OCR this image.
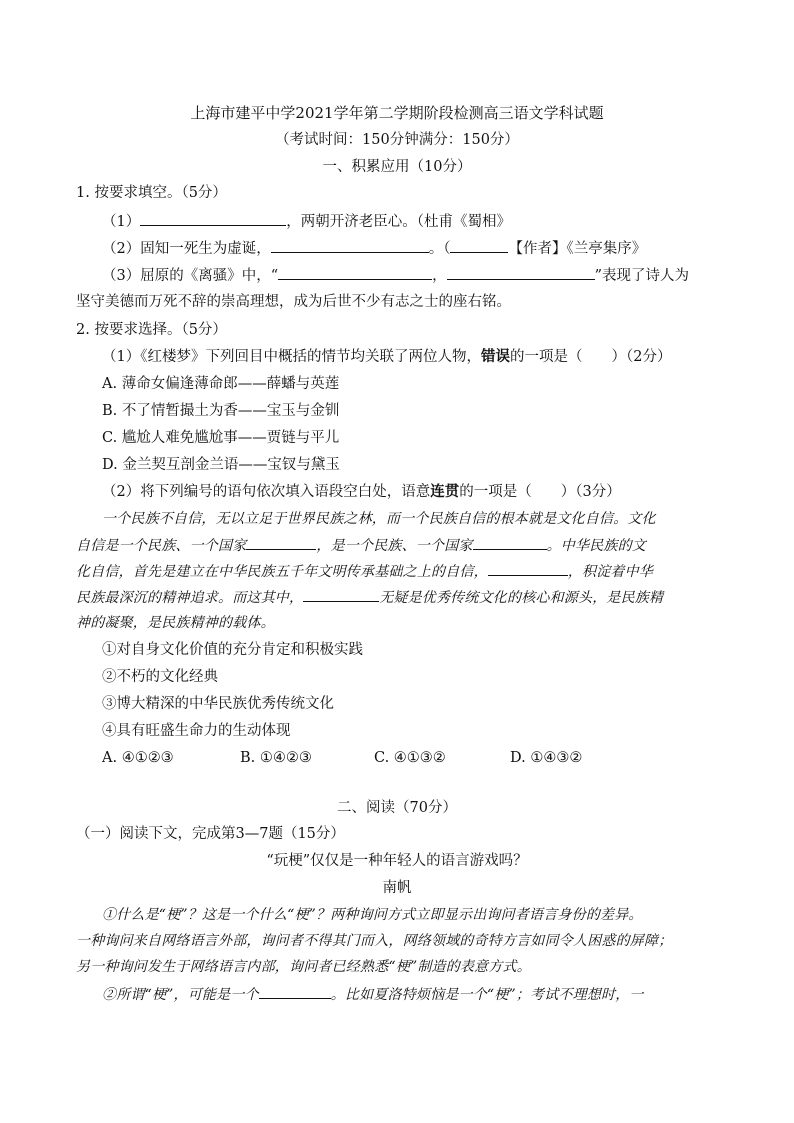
上海市建平中学2021学年第二学期阶段检测高三语文学科试题
（考试时间：150分钟满分：150分）
一、积累应用（10分）
1. 按要求填空。（5分）
（1）	，两朝开济老臣心。（杜甫《蜀相》
（2）固知一死生为虚诞，	。（	【作者】《兰亭集序》
（3）屈原的《离骚》中，“	，	”表现了诗人为
坚守美德而万死不辞的崇高理想，成为后世不少有志之士的座右铭。
2. 按要求选择。（5分）
（1）《红楼梦》下列回目中概括的情节均关联了两位人物，错误的一项是（　　）（2分）
A. 薄命女偏逢薄命郎——薛蟠与英莲
B. 不了情暂撮土为香——宝玉与金钏
C. 尴尬人难免尴尬事——贾链与平儿
D. 金兰契互剖金兰语——宝钗与黛玉
（2）将下列编号的语句依次填入语段空白处，语意连贯的一项是（　　）（3分）
一个民族不自信，无以立足于世界民族之林，而一个民族自信的根本就是文化自信。文化
自信是一个民族、一个国家	，是一个民族、一个国家	。中华民族的文
化自信，首先是建立在中华民族五千年文明传承基础之上的自信，	，积淀着中华
民族最深沉的精神追求。而这其中，	无疑是优秀传统文化的核心和源头，是民族精
神的凝聚，是民族精神的载体。
①对自身文化价值的充分肯定和积极实践
②不朽的文化经典
③博大精深的中华民族优秀传统文化
④具有旺盛生命力的生动体现
A. ④①②③	B. ①④②③	C. ④①③②	D. ①④③②
二、阅读（70分）
（一）阅读下文，完成第3—7题（15分）
“玩梗”仅仅是一种年轻人的语言游戏吗？
南帆
①什么是“梗”？这是一个什么“梗”？两种询问方式立即显示出询问者语言身份的差异。
一种询问来自网络语言外部，询问者不得其门而入，网络领域的奇特方言如同令人困惑的屏障；
另一种询问发生于网络语言内部，询问者已经熟悉“梗”制造的表意方式。
②所谓“梗”，可能是一个	。比如夏洛特烦恼是一个“梗”；考试不理想时，一
